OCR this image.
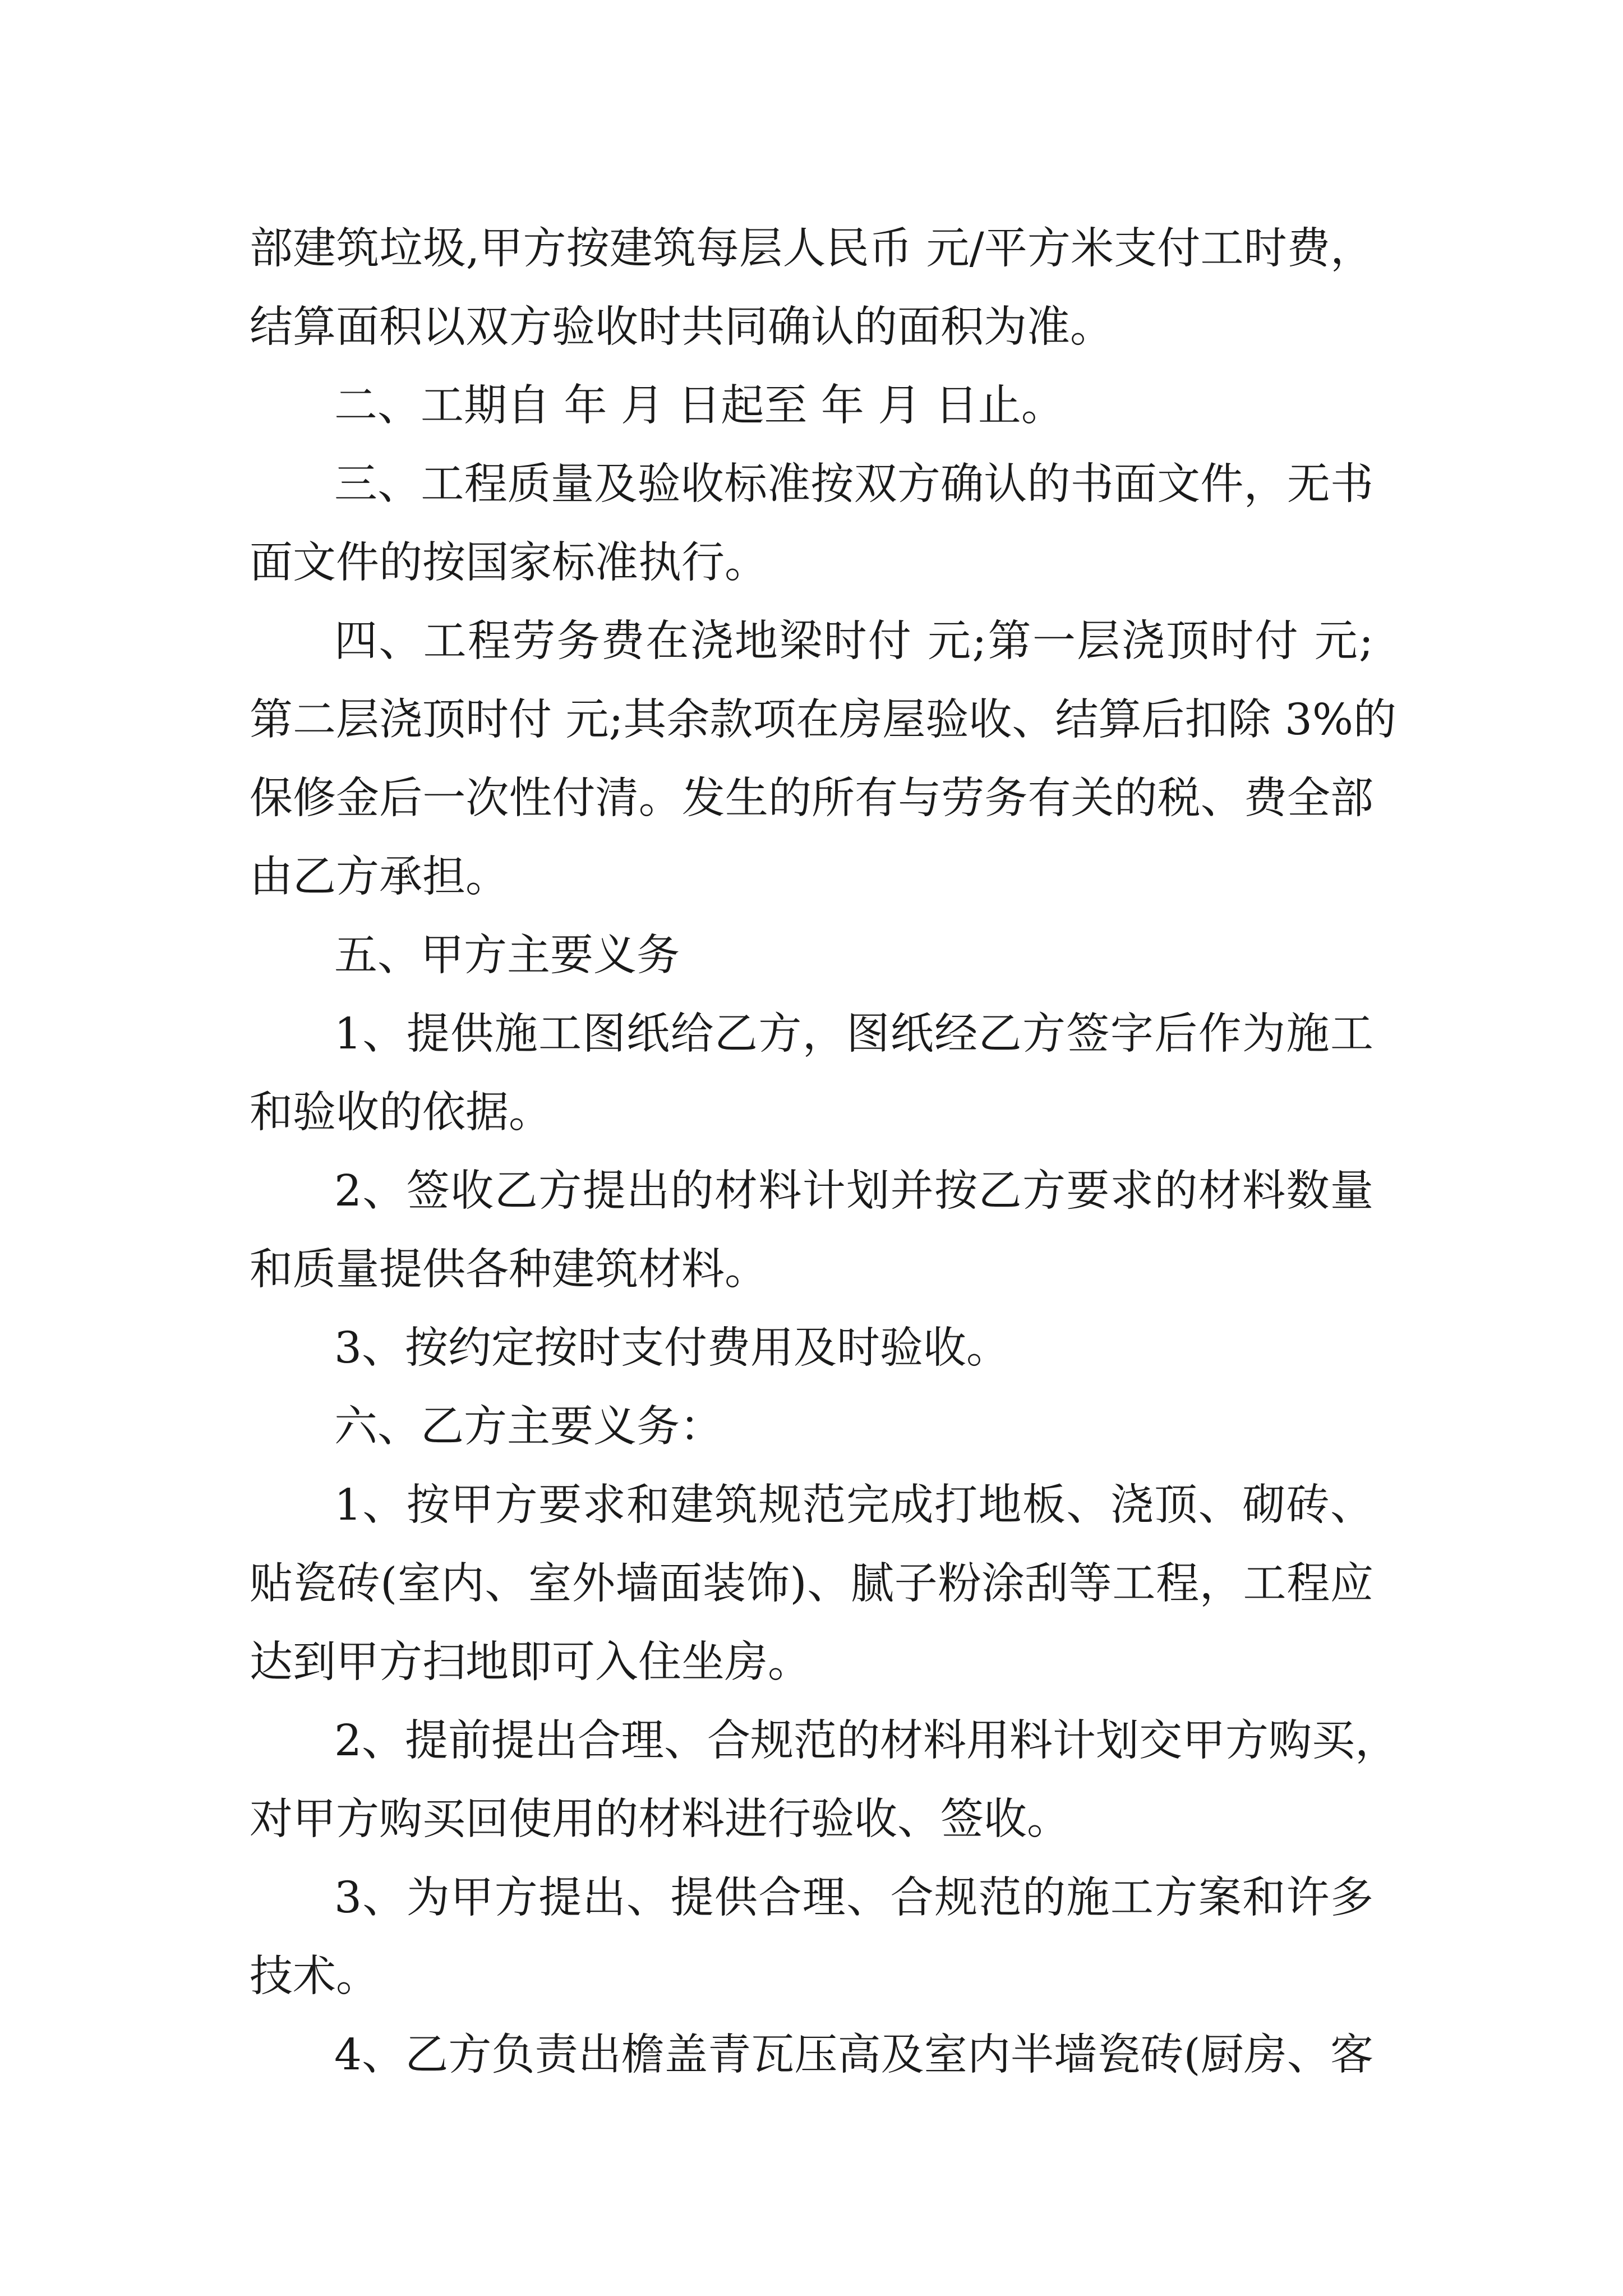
部建筑垃圾,甲方按建筑每层人民币 元/平方米支付工时费，
结算面积以双方验收时共同确认的面积为准。
二、工期自 年 月 日起至 年 月 日止。
三、工程质量及验收标准按双方确认的书面文件，无书
面文件的按国家标准执行。
四、工程劳务费在浇地梁时付 元;第一层浇顶时付 元;
第二层浇顶时付 元;其余款项在房屋验收、结算后扣除 3%的
保修金后一次性付清。发生的所有与劳务有关的税、费全部
由乙方承担。
五、甲方主要义务
1、提供施工图纸给乙方，图纸经乙方签字后作为施工
和验收的依据。
2、签收乙方提出的材料计划并按乙方要求的材料数量
和质量提供各种建筑材料。
3、按约定按时支付费用及时验收。
六、乙方主要义务：
1、按甲方要求和建筑规范完成打地板、浇顶、砌砖、
贴瓷砖(室内、室外墙面装饰)、腻子粉涂刮等工程，工程应
达到甲方扫地即可入住坐房。
2、提前提出合理、合规范的材料用料计划交甲方购买，
对甲方购买回使用的材料进行验收、签收。
3、为甲方提出、提供合理、合规范的施工方案和许多
技术。
4、乙方负责出檐盖青瓦压高及室内半墙瓷砖(厨房、客
